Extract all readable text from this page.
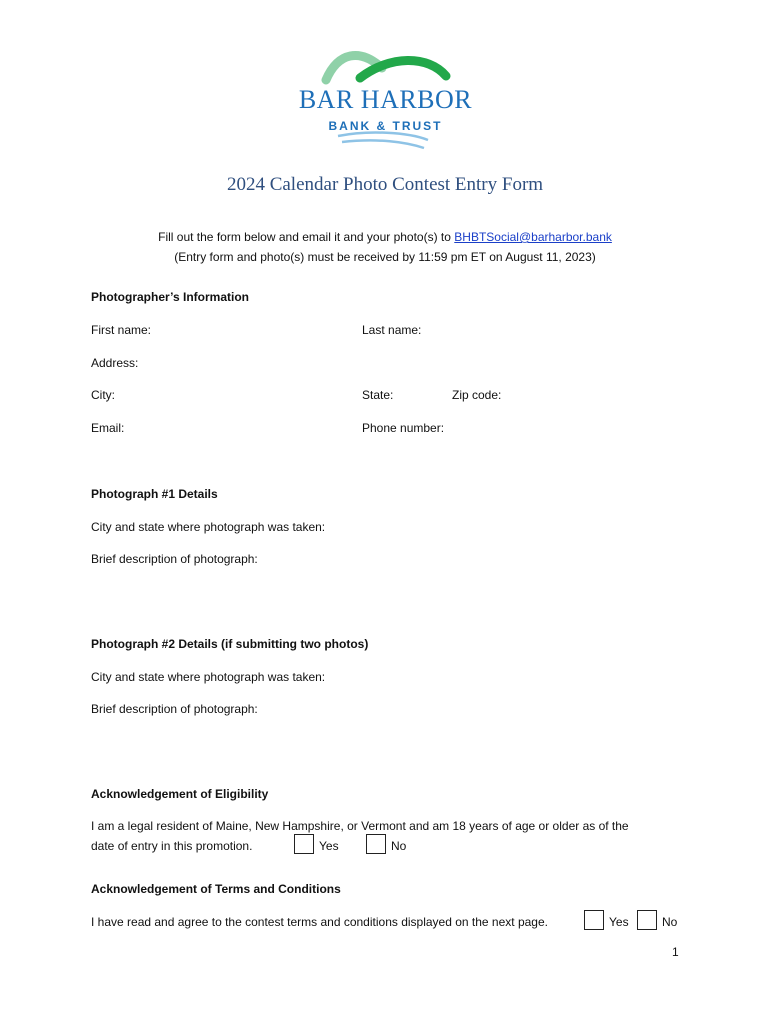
BAR HARBOR
BANK & TRUST
2024 Calendar Photo Contest Entry Form
Fill out the form below and email it and your photo(s) to BHBTSocial@barharbor.bank
(Entry form and photo(s) must be received by 11:59 pm ET on August 11, 2023)
Photographer’s Information
First name:	Last name:
Address:
City:	State:	Zip code:
Email:	Phone number:
Photograph #1 Details
City and state where photograph was taken:
Brief description of photograph:
Photograph #2 Details (if submitting two photos)
City and state where photograph was taken:
Brief description of photograph:
Acknowledgement of Eligibility
I am a legal resident of Maine, New Hampshire, or Vermont and am 18 years of age or older as of the
date of entry in this promotion.	Yes	No
Acknowledgement of Terms and Conditions
I have read and agree to the contest terms and conditions displayed on the next page.	Yes	No
1
